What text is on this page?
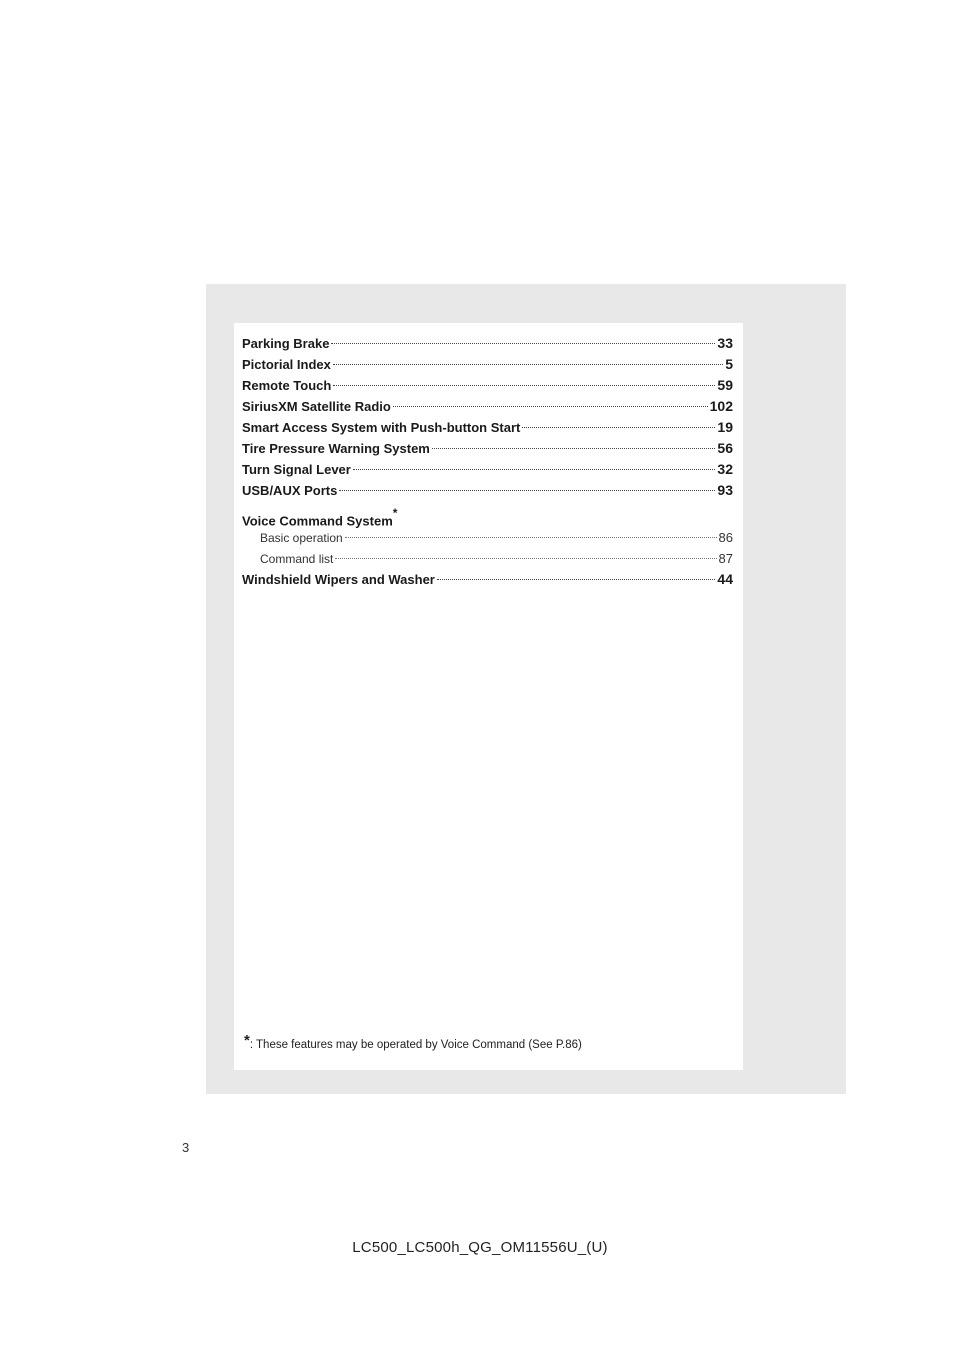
Parking Brake	33
Pictorial Index	5
Remote Touch	59
SiriusXM Satellite Radio	102
Smart Access System with Push-button Start	19
Tire Pressure Warning System	56
Turn Signal Lever	32
USB/AUX Ports	93
Voice Command System*
Basic operation	86
Command list	87
Windshield Wipers and Washer	44
*: These features may be operated by Voice Command (See P.86)
3
LC500_LC500h_QG_OM11556U_(U)
